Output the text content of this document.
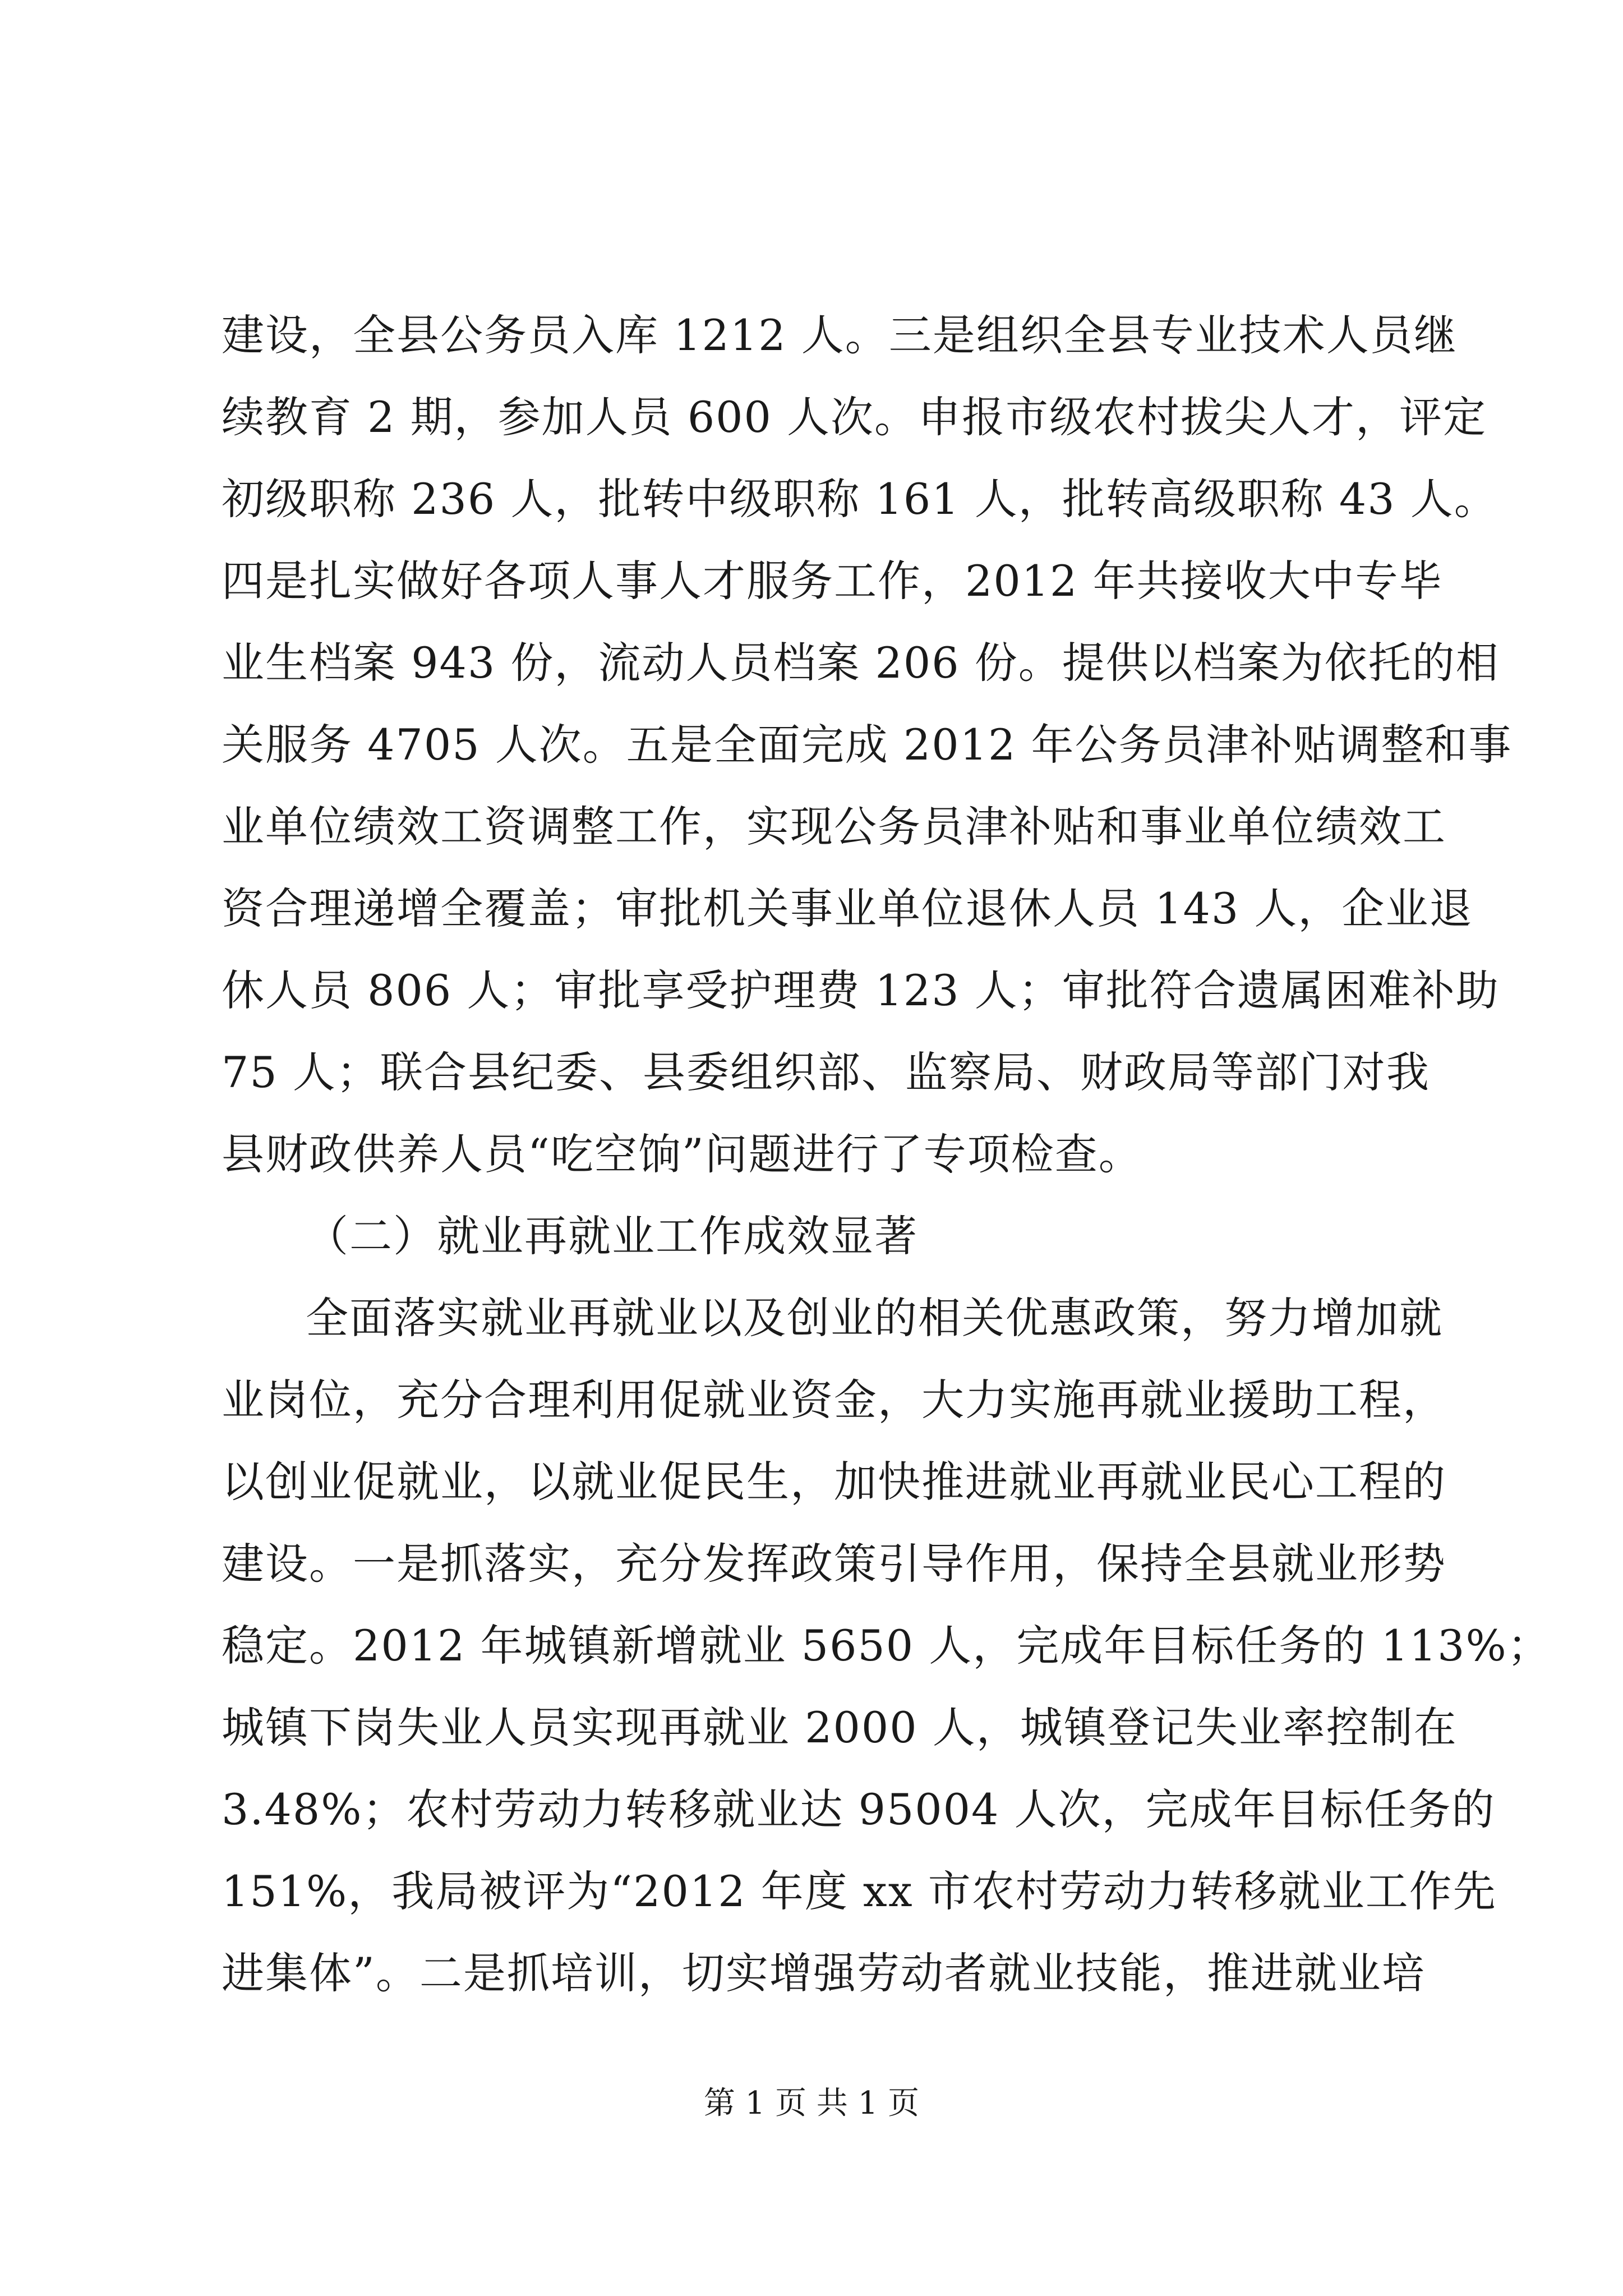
建设，全县公务员入库 1212 人。三是组织全县专业技术人员继
续教育 2 期，参加人员 600 人次。申报市级农村拔尖人才，评定
初级职称 236 人，批转中级职称 161 人，批转高级职称 43 人。
四是扎实做好各项人事人才服务工作，2012 年共接收大中专毕
业生档案 943 份，流动人员档案 206 份。提供以档案为依托的相
关服务 4705 人次。五是全面完成 2012 年公务员津补贴调整和事
业单位绩效工资调整工作，实现公务员津补贴和事业单位绩效工
资合理递增全覆盖；审批机关事业单位退休人员 143 人，企业退
休人员 806 人；审批享受护理费 123 人；审批符合遗属困难补助
75 人；联合县纪委、县委组织部、监察局、财政局等部门对我
县财政供养人员“吃空饷”问题进行了专项检查。
（二）就业再就业工作成效显著
全面落实就业再就业以及创业的相关优惠政策，努力增加就
业岗位，充分合理利用促就业资金，大力实施再就业援助工程，
以创业促就业，以就业促民生，加快推进就业再就业民心工程的
建设。一是抓落实，充分发挥政策引导作用，保持全县就业形势
稳定。2012 年城镇新增就业 5650 人，完成年目标任务的 113%；
城镇下岗失业人员实现再就业 2000 人，城镇登记失业率控制在
3.48%；农村劳动力转移就业达 95004 人次，完成年目标任务的
151%，我局被评为“2012 年度 xx 市农村劳动力转移就业工作先
进集体”。二是抓培训，切实增强劳动者就业技能，推进就业培
第 1 页 共 1 页
